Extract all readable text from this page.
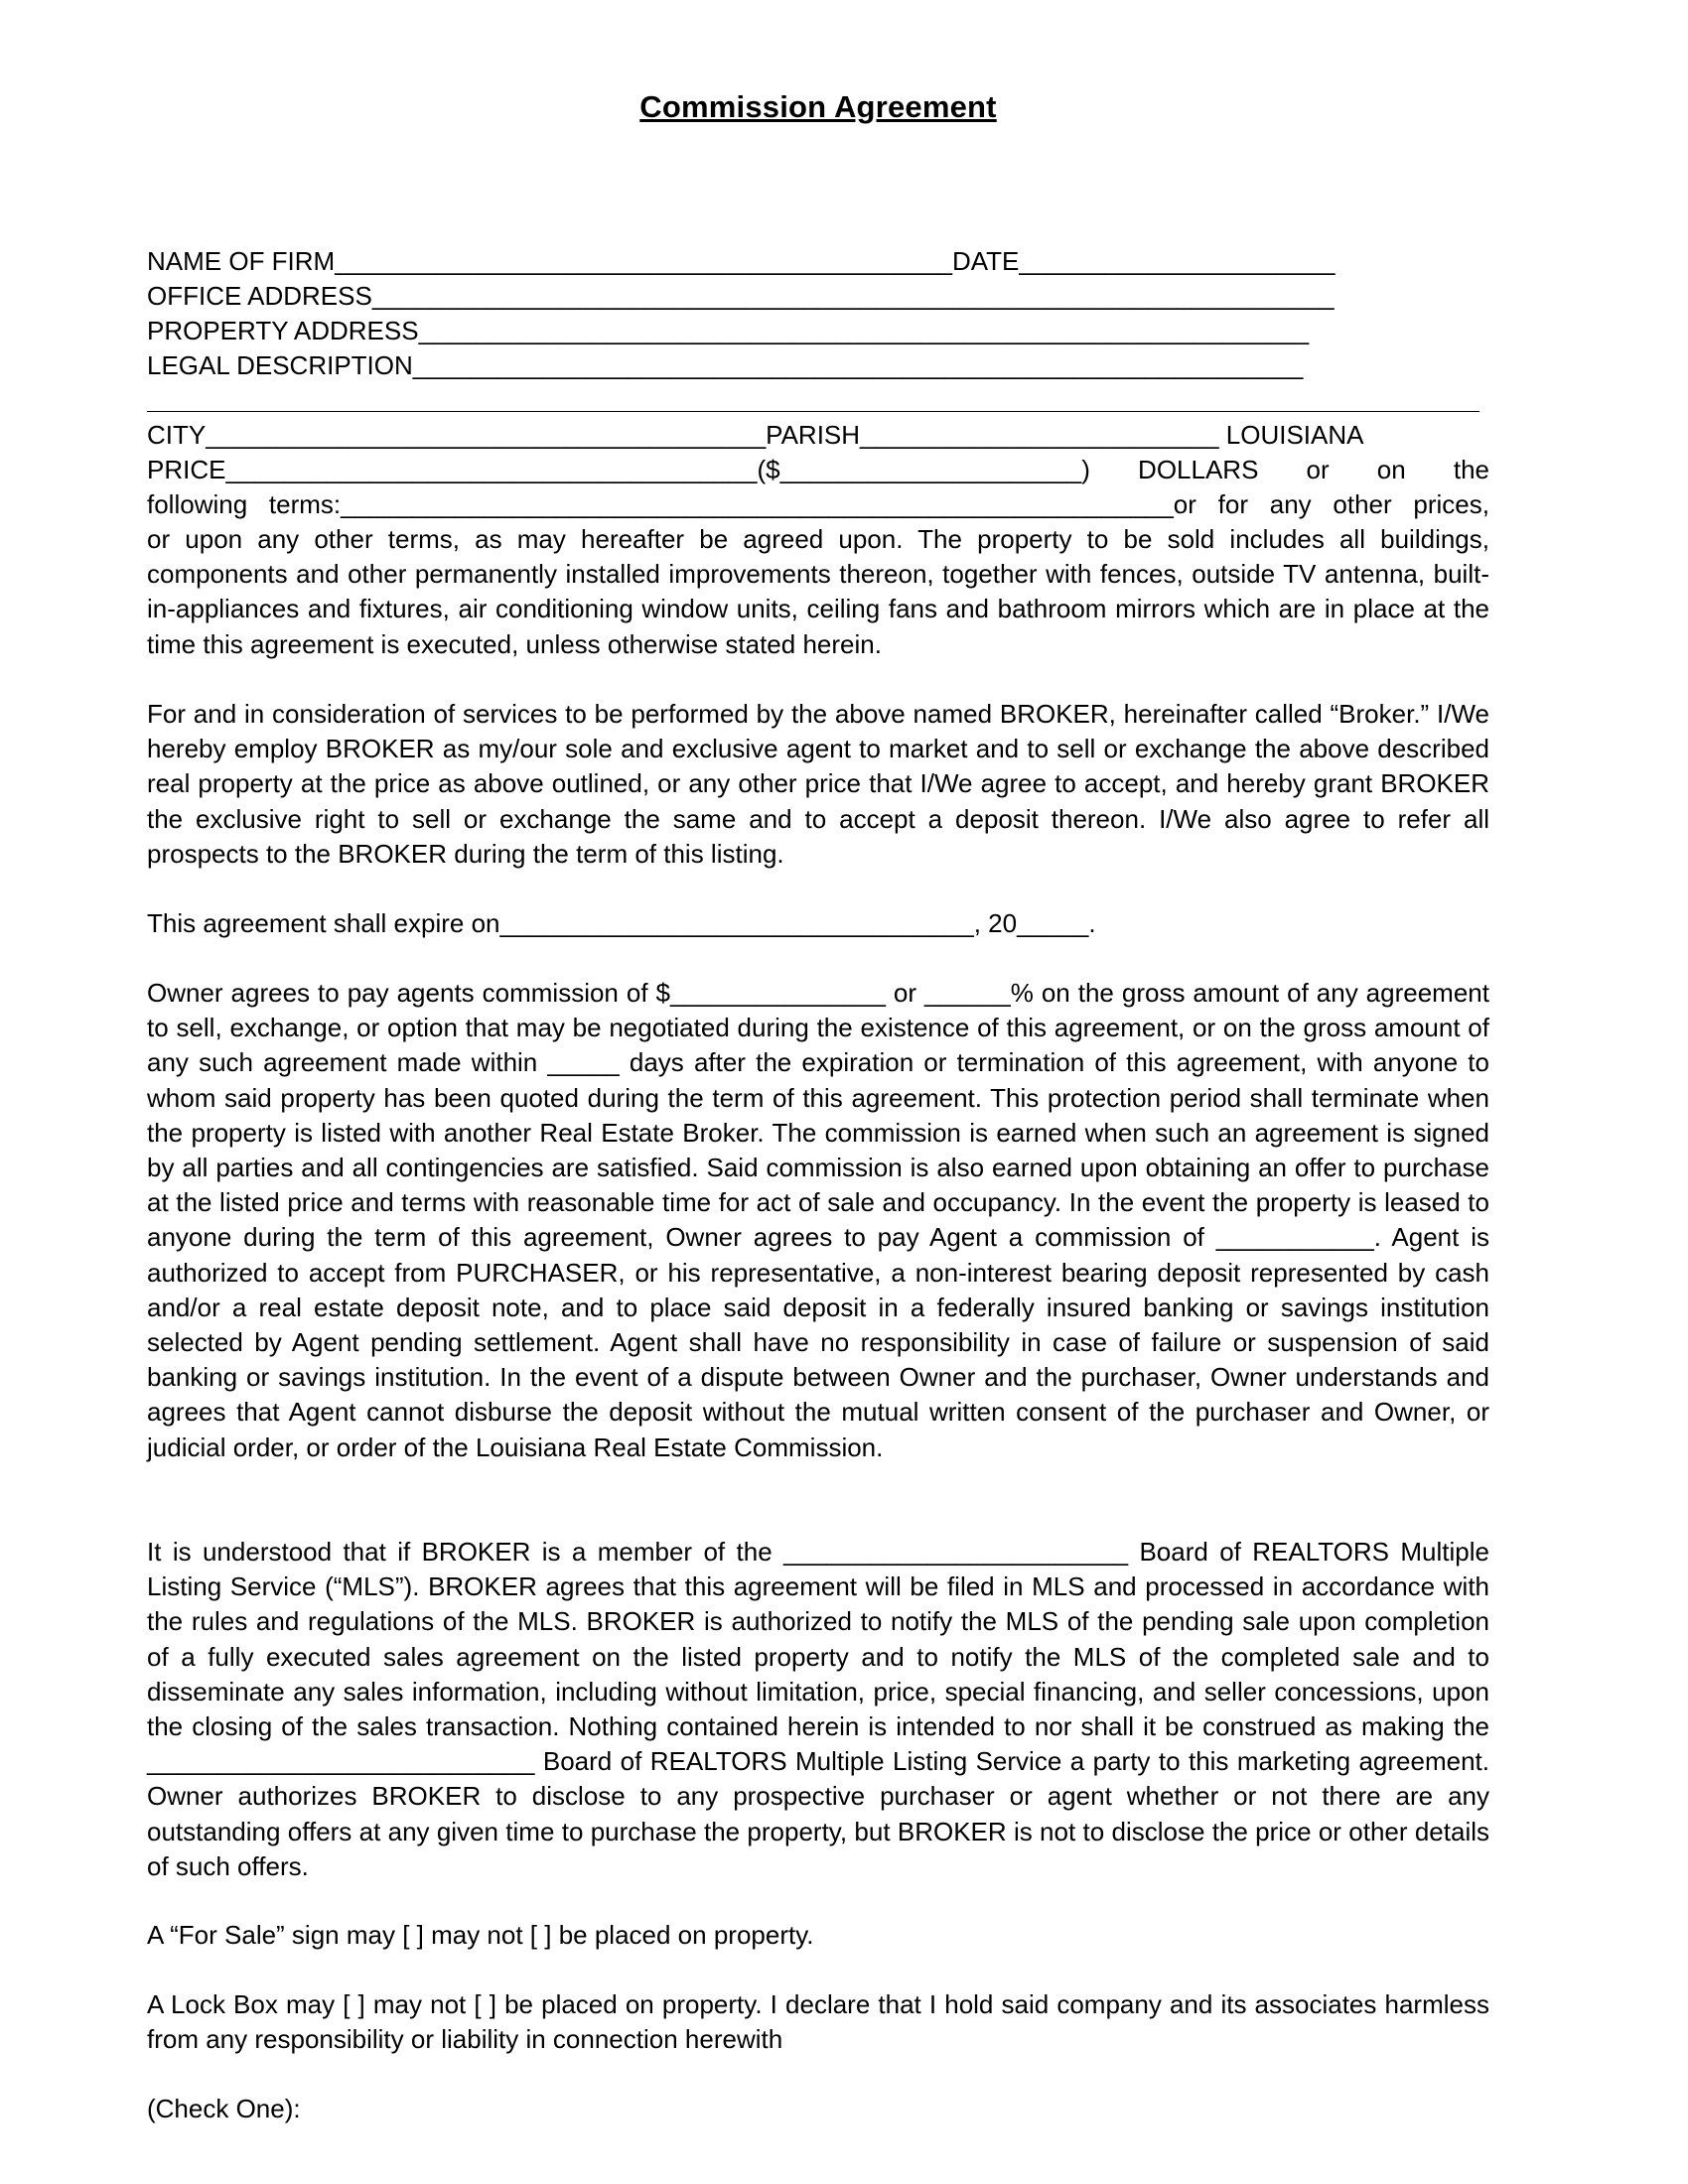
Commission Agreement
NAME OF FIRM___________________________________________DATE______________________
OFFICE ADDRESS___________________________________________________________________
PROPERTY ADDRESS______________________________________________________________
LEGAL DESCRIPTION______________________________________________________________
CITY_______________________________________PARISH_________________________ LOUISIANA
PRICE_____________________________________($_____________________) DOLLARS or on the
following terms:__________________________________________________________or for any other prices,
or upon any other terms, as may hereafter be agreed upon. The property to be sold includes all buildings, components and other permanently installed improvements thereon, together with fences, outside TV antenna, built-in-appliances and fixtures, air conditioning window units, ceiling fans and bathroom mirrors which are in place at the time this agreement is executed, unless otherwise stated herein.
For and in consideration of services to be performed by the above named BROKER, hereinafter called “Broker.” I/We hereby employ BROKER as my/our sole and exclusive agent to market and to sell or exchange the above described real property at the price as above outlined, or any other price that I/We agree to accept, and hereby grant BROKER the exclusive right to sell or exchange the same and to accept a deposit thereon. I/We also agree to refer all prospects to the BROKER during the term of this listing.
This agreement shall expire on_________________________________, 20_____.
Owner agrees to pay agents commission of $_______________ or ______% on the gross amount of any agreement to sell, exchange, or option that may be negotiated during the existence of this agreement, or on the gross amount of any such agreement made within _____ days after the expiration or termination of this agreement, with anyone to whom said property has been quoted during the term of this agreement. This protection period shall terminate when the property is listed with another Real Estate Broker. The commission is earned when such an agreement is signed by all parties and all contingencies are satisfied. Said commission is also earned upon obtaining an offer to purchase at the listed price and terms with reasonable time for act of sale and occupancy. In the event the property is leased to anyone during the term of this agreement, Owner agrees to pay Agent a commission of ___________. Agent is authorized to accept from PURCHASER, or his representative, a non-interest bearing deposit represented by cash and/or a real estate deposit note, and to place said deposit in a federally insured banking or savings institution selected by Agent pending settlement. Agent shall have no responsibility in case of failure or suspension of said banking or savings institution. In the event of a dispute between Owner and the purchaser, Owner understands and agrees that Agent cannot disburse the deposit without the mutual written consent of the purchaser and Owner, or judicial order, or order of the Louisiana Real Estate Commission.
It is understood that if BROKER is a member of the ________________________ Board of REALTORS Multiple Listing Service (“MLS”). BROKER agrees that this agreement will be filed in MLS and processed in accordance with the rules and regulations of the MLS. BROKER is authorized to notify the MLS of the pending sale upon completion of a fully executed sales agreement on the listed property and to notify the MLS of the completed sale and to disseminate any sales information, including without limitation, price, special financing, and seller concessions, upon the closing of the sales transaction. Nothing contained herein is intended to nor shall it be construed as making the ___________________________ Board of REALTORS Multiple Listing Service a party to this marketing agreement. Owner authorizes BROKER to disclose to any prospective purchaser or agent whether or not there are any outstanding offers at any given time to purchase the property, but BROKER is not to disclose the price or other details of such offers.
A “For Sale” sign may [ ] may not [ ] be placed on property.
A Lock Box may [ ] may not [ ] be placed on property. I declare that I hold said company and its associates harmless from any responsibility or liability in connection herewith
(Check One):
